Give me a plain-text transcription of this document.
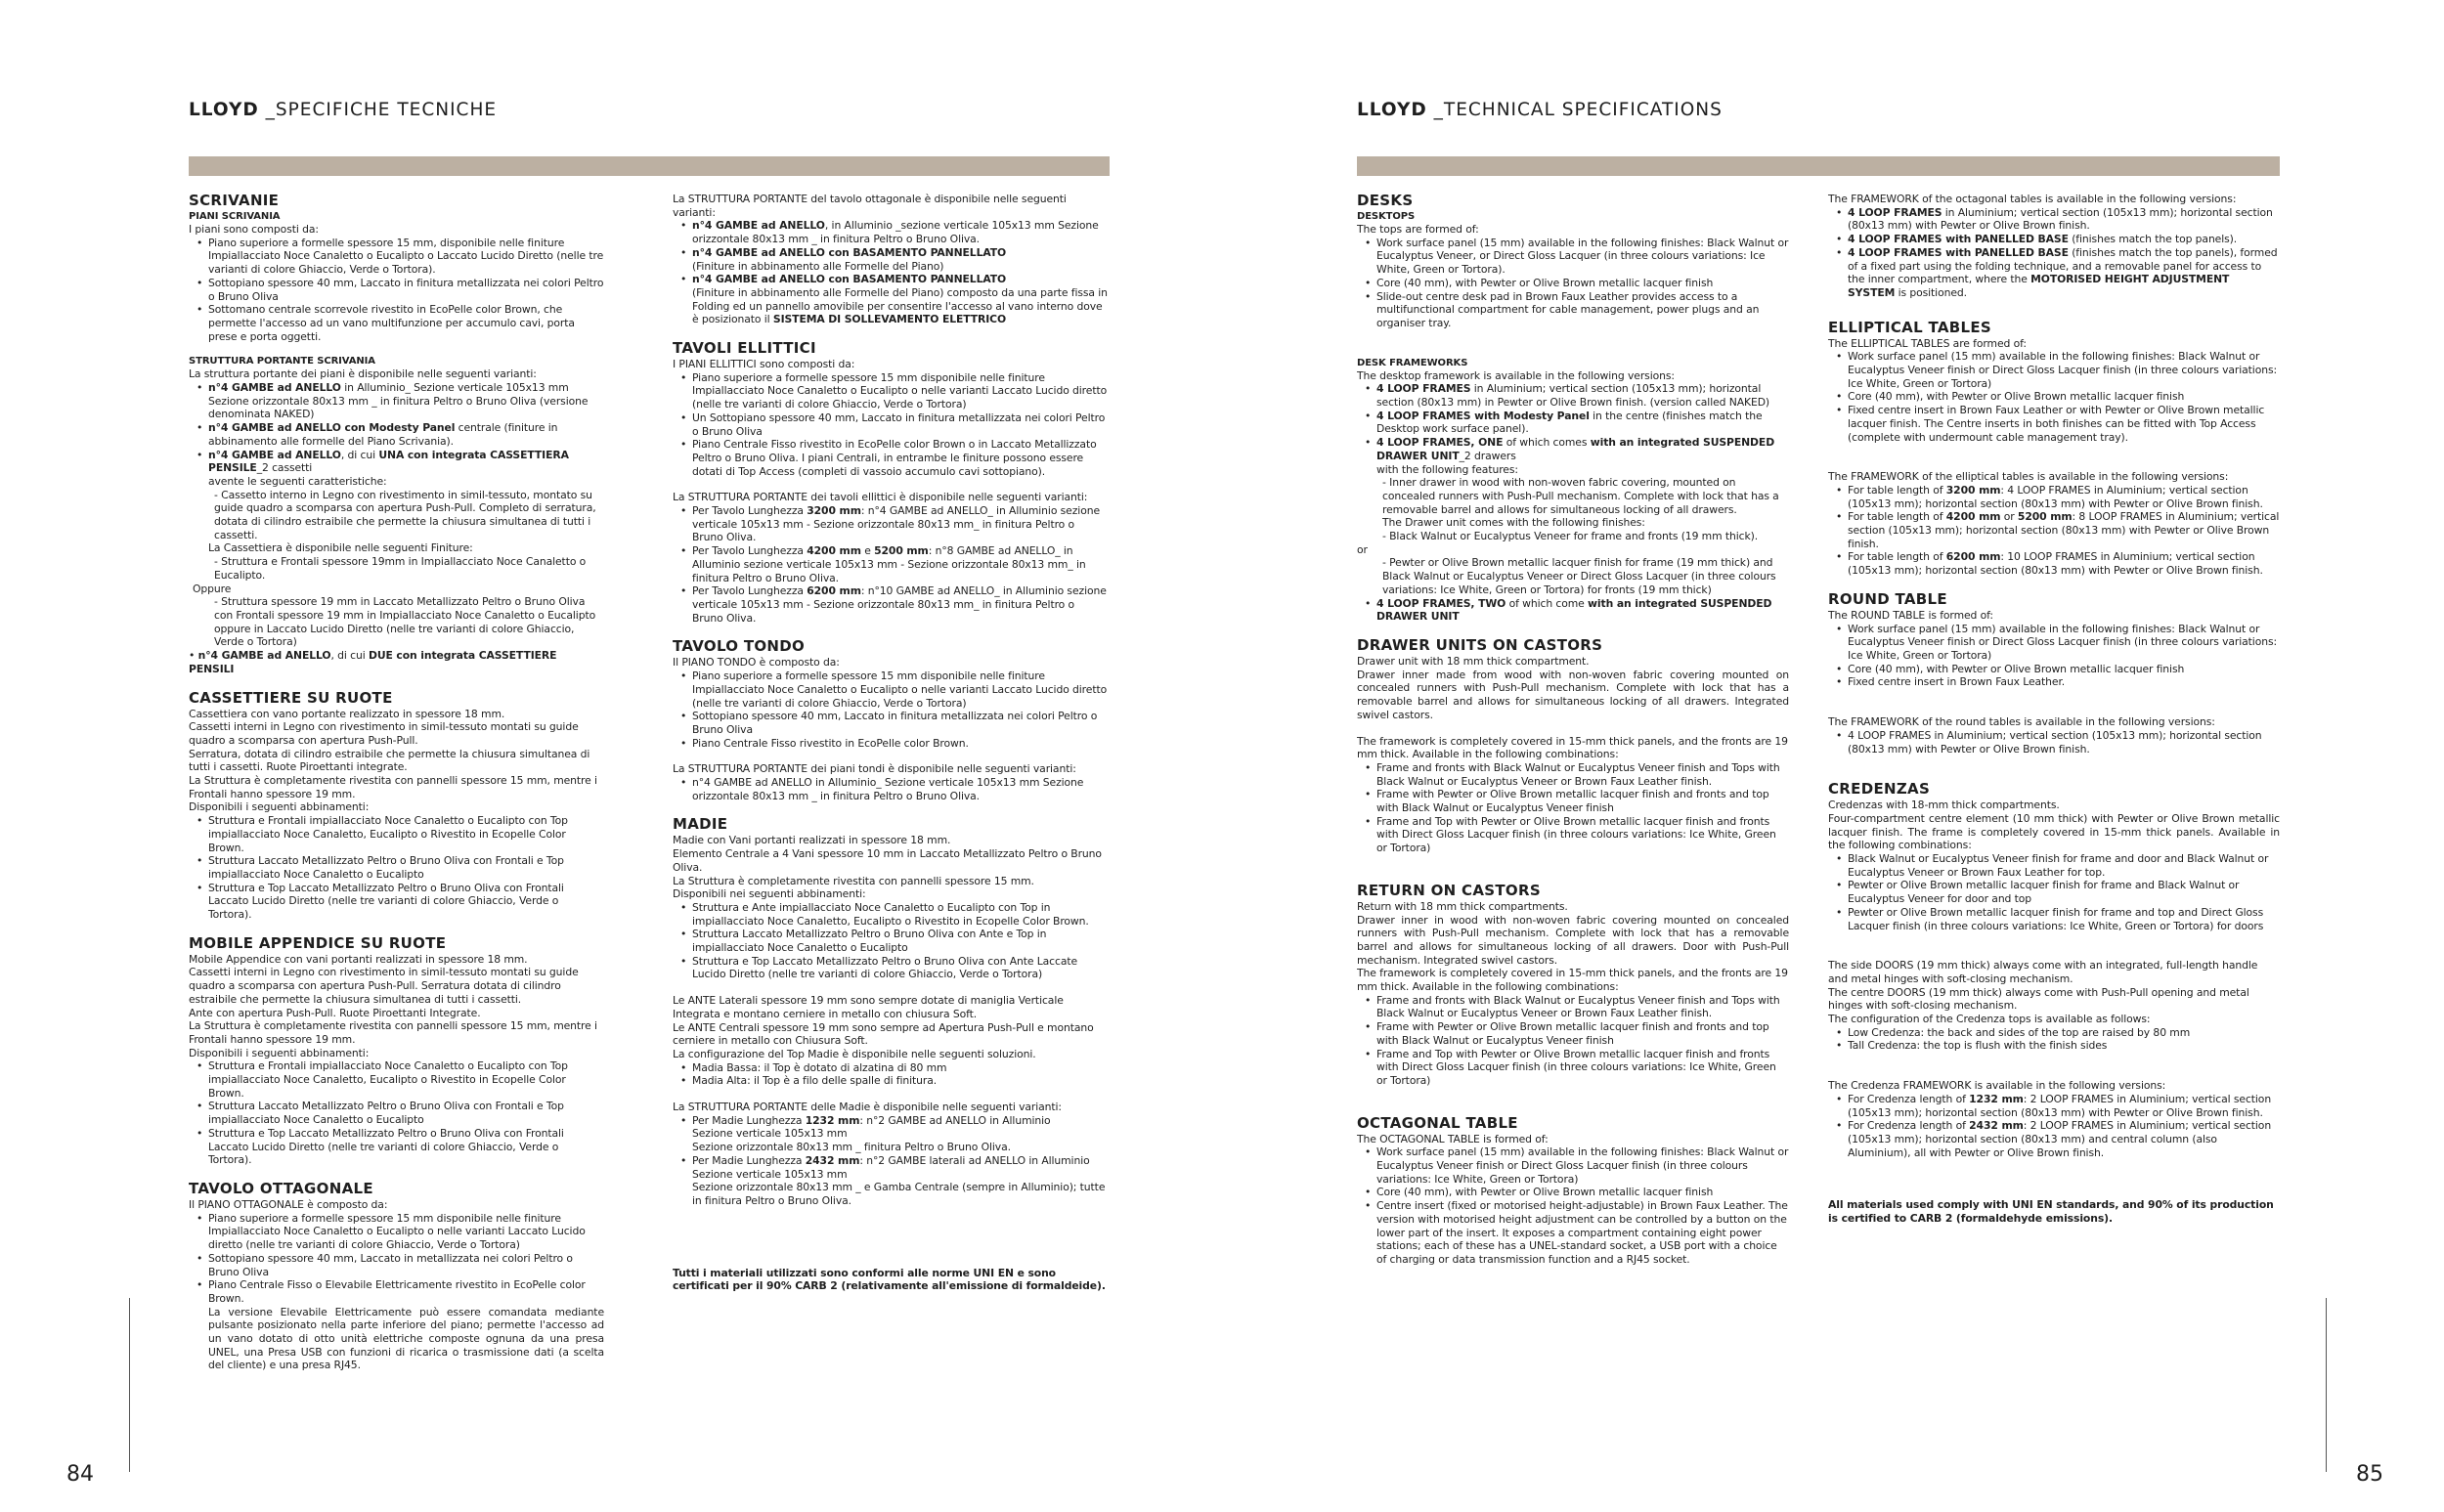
LLOYD _SPECIFICHE TECNICHE
SCRIVANIE
PIANI SCRIVANIA

I piani sono composti da:

• Piano superiore a formelle spessore 15 mm, disponibile nelle finiture Impiallacciato Noce Canaletto o Eucalipto o Laccato Lucido Diretto (nelle tre varianti di colore Ghiaccio, Verde o Tortora).
• Sottopiano spessore 40 mm, Laccato in finitura metallizzata nei colori Peltro o Bruno Oliva
• Sottomano centrale scorrevole rivestito in EcoPelle color Brown, che permette l'accesso ad un vano multifunzione per accumulo cavi, porta prese e porta oggetti.
STRUTTURA PORTANTE SCRIVANIA

La struttura portante dei piani è disponibile nelle seguenti varianti:

• n°4 GAMBE ad ANELLO in Alluminio_ Sezione verticale 105x13 mm Sezione orizzontale 80x13 mm _ in finitura Peltro o Bruno Oliva (versione denominata NAKED)
• n°4 GAMBE ad ANELLO con Modesty Panel centrale (finiture in abbinamento alle formelle del Piano Scrivania).
• n°4 GAMBE ad ANELLO, di cui UNA con integrata CASSETTIERA PENSILE_2 cassetti

avente le seguenti caratteristiche:

- Cassetto interno in Legno con rivestimento in simil-tessuto, montato su guide quadro a scomparsa con apertura Push-Pull. Completo di serratura, dotata di cilindro estraibile che permette la chiusura simultanea di tutti i cassetti.

La Cassettiera è disponibile nelle seguenti Finiture:

- Struttura e Frontali spessore 19mm in Impiallacciato Noce Canaletto o Eucalipto.

Oppure

- Struttura spessore 19 mm in Laccato Metallizzato Peltro o Bruno Oliva con Frontali spessore 19 mm in Impiallacciato Noce Canaletto o Eucalipto oppure in Laccato Lucido Diretto (nelle tre varianti di colore Ghiaccio, Verde o Tortora)

• n°4 GAMBE ad ANELLO, di cui DUE con integrata CASSETTIERE PENSILI

CASSETTIERE SU RUOTE

Cassettiera con vano portante realizzato in spessore 18 mm.

Cassetti interni in Legno con rivestimento in simil-tessuto montati su guide quadro a scomparsa con apertura Push-Pull.

Serratura, dotata di cilindro estraibile che permette la chiusura simultanea di tutti i cassetti. Ruote Piroettanti integrate.

La Struttura è completamente rivestita con pannelli spessore 15 mm, mentre i Frontali hanno spessore 19 mm.

Disponibili i seguenti abbinamenti:

• Struttura e Frontali impiallacciato Noce Canaletto o Eucalipto con Top impiallacciato Noce Canaletto, Eucalipto o Rivestito in Ecopelle Color Brown.
• Struttura Laccato Metallizzato Peltro o Bruno Oliva con Frontali e Top impiallacciato Noce Canaletto o Eucalipto
• Struttura e Top Laccato Metallizzato Peltro o Bruno Oliva con Frontali Laccato Lucido Diretto (nelle tre varianti di colore Ghiaccio, Verde o Tortora).
MOBILE APPENDICE SU RUOTE

Mobile Appendice con vani portanti realizzati in spessore 18 mm.

Cassetti interni in Legno con rivestimento in simil-tessuto montati su guide quadro a scomparsa con apertura Push-Pull. Serratura dotata di cilindro estraibile che permette la chiusura simultanea di tutti i cassetti.

Ante con apertura Push-Pull. Ruote Piroettanti Integrate.

La Struttura è completamente rivestita con pannelli spessore 15 mm, mentre i Frontali hanno spessore 19 mm.

Disponibili i seguenti abbinamenti:

• Struttura e Frontali impiallacciato Noce Canaletto o Eucalipto con Top impiallacciato Noce Canaletto, Eucalipto o Rivestito in Ecopelle Color Brown.
• Struttura Laccato Metallizzato Peltro o Bruno Oliva con Frontali e Top impiallacciato Noce Canaletto o Eucalipto
• Struttura e Top Laccato Metallizzato Peltro o Bruno Oliva con Frontali Laccato Lucido Diretto (nelle tre varianti di colore Ghiaccio, Verde o Tortora).
TAVOLO OTTAGONALE

Il PIANO OTTAGONALE è composto da:

• Piano superiore a formelle spessore 15 mm disponibile nelle finiture Impiallacciato Noce Canaletto o Eucalipto o nelle varianti Laccato Lucido diretto (nelle tre varianti di colore Ghiaccio, Verde o Tortora)
• Sottopiano spessore 40 mm, Laccato in metallizzata nei colori Peltro o Bruno Oliva
• Piano Centrale Fisso o Elevabile Elettricamente rivestito in EcoPelle color Brown.

La versione Elevabile Elettricamente può essere comandata mediante pulsante posizionato nella parte inferiore del piano; permette l'accesso ad un vano dotato di otto unità elettriche composte ognuna da una presa UNEL, una Presa USB con funzioni di ricarica o trasmissione dati (a scelta del cliente) e una presa RJ45.

La STRUTTURA PORTANTE del tavolo ottagonale è disponibile nelle seguenti varianti:

• n°4 GAMBE ad ANELLO, in Alluminio _sezione verticale 105x13 mm Sezione orizzontale 80x13 mm _ in finitura Peltro o Bruno Oliva.
• n°4 GAMBE ad ANELLO con BASAMENTO PANNELLATO
(Finiture in abbinamento alle Formelle del Piano)
• n°4 GAMBE ad ANELLO con BASAMENTO PANNELLATO
(Finiture in abbinamento alle Formelle del Piano) composto da una parte fissa in Folding ed un pannello amovibile per consentire l'accesso al vano interno dove è posizionato il SISTEMA DI SOLLEVAMENTO ELETTRICO
TAVOLI ELLITTICI

I PIANI ELLITTICI sono composti da:

• Piano superiore a formelle spessore 15 mm disponibile nelle finiture Impiallacciato Noce Canaletto o Eucalipto o nelle varianti Laccato Lucido diretto (nelle tre varianti di colore Ghiaccio, Verde o Tortora)
• Un Sottopiano spessore 40 mm, Laccato in finitura metallizzata nei colori Peltro o Bruno Oliva
• Piano Centrale Fisso rivestito in EcoPelle color Brown o in Laccato Metallizzato Peltro o Bruno Oliva. I piani Centrali, in entrambe le finiture possono essere dotati di Top Access (completi di vassoio accumulo cavi sottopiano).

La STRUTTURA PORTANTE dei tavoli ellittici è disponibile nelle seguenti varianti:

• Per Tavolo Lunghezza 3200 mm: n°4 GAMBE ad ANELLO_ in Alluminio sezione verticale 105x13 mm - Sezione orizzontale 80x13 mm_ in finitura Peltro o Bruno Oliva.
• Per Tavolo Lunghezza 4200 mm e 5200 mm: n°8 GAMBE ad ANELLO_ in Alluminio sezione verticale 105x13 mm - Sezione orizzontale 80x13 mm_ in finitura Peltro o Bruno Oliva.
• Per Tavolo Lunghezza 6200 mm: n°10 GAMBE ad ANELLO_ in Alluminio sezione verticale 105x13 mm - Sezione orizzontale 80x13 mm_ in finitura Peltro o Bruno Oliva.
TAVOLO TONDO

Il PIANO TONDO è composto da:

• Piano superiore a formelle spessore 15 mm disponibile nelle finiture Impiallacciato Noce Canaletto o Eucalipto o nelle varianti Laccato Lucido diretto (nelle tre varianti di colore Ghiaccio, Verde o Tortora)
• Sottopiano spessore 40 mm, Laccato in finitura metallizzata nei colori Peltro o Bruno Oliva
• Piano Centrale Fisso rivestito in EcoPelle color Brown.

La STRUTTURA PORTANTE dei piani tondi è disponibile nelle seguenti varianti:

• n°4 GAMBE ad ANELLO in Alluminio_ Sezione verticale 105x13 mm Sezione orizzontale 80x13 mm _ in finitura Peltro o Bruno Oliva.
MADIE

Madie con Vani portanti realizzati in spessore 18 mm.

Elemento Centrale a 4 Vani spessore 10 mm in Laccato Metallizzato Peltro o Bruno Oliva.

La Struttura è completamente rivestita con pannelli spessore 15 mm.

Disponibili nei seguenti abbinamenti:

• Struttura e Ante impiallacciato Noce Canaletto o Eucalipto con Top in impiallacciato Noce Canaletto, Eucalipto o Rivestito in Ecopelle Color Brown.
• Struttura Laccato Metallizzato Peltro o Bruno Oliva con Ante e Top in impiallacciato Noce Canaletto o Eucalipto
• Struttura e Top Laccato Metallizzato Peltro o Bruno Oliva con Ante Laccate Lucido Diretto (nelle tre varianti di colore Ghiaccio, Verde o Tortora)

Le ANTE Laterali spessore 19 mm sono sempre dotate di maniglia Verticale Integrata e montano cerniere in metallo con chiusura Soft.

Le ANTE Centrali spessore 19 mm sono sempre ad Apertura Push-Pull e montano cerniere in metallo con Chiusura Soft.

La configurazione del Top Madie è disponibile nelle seguenti soluzioni.

• Madia Bassa: il Top è dotato di alzatina di 80 mm
• Madia Alta: il Top è a filo delle spalle di finitura.

La STRUTTURA PORTANTE delle Madie è disponibile nelle seguenti varianti:

• Per Madie Lunghezza 1232 mm: n°2 GAMBE ad ANELLO in Alluminio

Sezione verticale 105x13 mm

Sezione orizzontale 80x13 mm _ finitura Peltro o Bruno Oliva.

• Per Madie Lunghezza 2432 mm: n°2 GAMBE laterali ad ANELLO in Alluminio

Sezione verticale 105x13 mm

Sezione orizzontale 80x13 mm _ e Gamba Centrale (sempre in Alluminio); tutte in finitura Peltro o Bruno Oliva.

Tutti i materiali utilizzati sono conformi alle norme UNI EN e sono certificati per il 90% CARB 2 (relativamente all'emissione di formaldeide).

84
LLOYD _TECHNICAL SPECIFICATIONS
DESKS
DESKTOPS

The tops are formed of:

• Work surface panel (15 mm) available in the following finishes: Black Walnut or Eucalyptus Veneer, or Direct Gloss Lacquer (in three colours variations: Ice White, Green or Tortora).
• Core (40 mm), with Pewter or Olive Brown metallic lacquer finish
• Slide-out centre desk pad in Brown Faux Leather provides access to a multifunctional compartment for cable management, power plugs and an organiser tray.
DESK FRAMEWORKS

The desktop framework is available in the following versions:

• 4 LOOP FRAMES in Aluminium; vertical section (105x13 mm); horizontal section (80x13 mm) in Pewter or Olive Brown finish. (version called NAKED)
• 4 LOOP FRAMES with Modesty Panel in the centre (finishes match the Desktop work surface panel).
• 4 LOOP FRAMES, ONE of which comes with an integrated SUSPENDED DRAWER UNIT_2 drawers

with the following features:

- Inner drawer in wood with non-woven fabric covering, mounted on concealed runners with Push-Pull mechanism. Complete with lock that has a removable barrel and allows for simultaneous locking of all drawers.

The Drawer unit comes with the following finishes:

- Black Walnut or Eucalyptus Veneer for frame and fronts (19 mm thick).

or

- Pewter or Olive Brown metallic lacquer finish for frame (19 mm thick) and Black Walnut or Eucalyptus Veneer or Direct Gloss Lacquer (in three colours variations: Ice White, Green or Tortora) for fronts (19 mm thick)

• 4 LOOP FRAMES, TWO of which come with an integrated SUSPENDED DRAWER UNIT
DRAWER UNITS ON CASTORS

Drawer unit with 18 mm thick compartment.

Drawer inner made from wood with non-woven fabric covering mounted on concealed runners with Push-Pull mechanism. Complete with lock that has a removable barrel and allows for simultaneous locking of all drawers. Integrated swivel castors.

The framework is completely covered in 15-mm thick panels, and the fronts are 19 mm thick. Available in the following combinations:

• Frame and fronts with Black Walnut or Eucalyptus Veneer finish and Tops with Black Walnut or Eucalyptus Veneer or Brown Faux Leather finish.
• Frame with Pewter or Olive Brown metallic lacquer finish and fronts and top with Black Walnut or Eucalyptus Veneer finish
• Frame and Top with Pewter or Olive Brown metallic lacquer finish and fronts with Direct Gloss Lacquer finish (in three colours variations: Ice White, Green or Tortora)
RETURN ON CASTORS

Return with 18 mm thick compartments.

Drawer inner in wood with non-woven fabric covering mounted on concealed runners with Push-Pull mechanism. Complete with lock that has a removable barrel and allows for simultaneous locking of all drawers. Door with Push-Pull mechanism. Integrated swivel castors.

The framework is completely covered in 15-mm thick panels, and the fronts are 19 mm thick. Available in the following combinations:

• Frame and fronts with Black Walnut or Eucalyptus Veneer finish and Tops with Black Walnut or Eucalyptus Veneer or Brown Faux Leather finish.
• Frame with Pewter or Olive Brown metallic lacquer finish and fronts and top with Black Walnut or Eucalyptus Veneer finish
• Frame and Top with Pewter or Olive Brown metallic lacquer finish and fronts with Direct Gloss Lacquer finish (in three colours variations: Ice White, Green or Tortora)
OCTAGONAL TABLE

The OCTAGONAL TABLE is formed of:

• Work surface panel (15 mm) available in the following finishes: Black Walnut or Eucalyptus Veneer finish or Direct Gloss Lacquer finish (in three colours variations: Ice White, Green or Tortora)
• Core (40 mm), with Pewter or Olive Brown metallic lacquer finish
• Centre insert (fixed or motorised height-adjustable) in Brown Faux Leather. The version with motorised height adjustment can be controlled by a button on the lower part of the insert. It exposes a compartment containing eight power stations; each of these has a UNEL-standard socket, a USB port with a choice of charging or data transmission function and a RJ45 socket.

The FRAMEWORK of the octagonal tables is available in the following versions:

• 4 LOOP FRAMES in Aluminium; vertical section (105x13 mm); horizontal section (80x13 mm) with Pewter or Olive Brown finish.
• 4 LOOP FRAMES with PANELLED BASE (finishes match the top panels).
• 4 LOOP FRAMES with PANELLED BASE (finishes match the top panels), formed of a fixed part using the folding technique, and a removable panel for access to the inner compartment, where the MOTORISED HEIGHT ADJUSTMENT SYSTEM is positioned.
ELLIPTICAL TABLES

The ELLIPTICAL TABLES are formed of:

• Work surface panel (15 mm) available in the following finishes: Black Walnut or Eucalyptus Veneer finish or Direct Gloss Lacquer finish (in three colours variations: Ice White, Green or Tortora)
• Core (40 mm), with Pewter or Olive Brown metallic lacquer finish
• Fixed centre insert in Brown Faux Leather or with Pewter or Olive Brown metallic lacquer finish. The Centre inserts in both finishes can be fitted with Top Access (complete with undermount cable management tray).

The FRAMEWORK of the elliptical tables is available in the following versions:

• For table length of 3200 mm: 4 LOOP FRAMES in Aluminium; vertical section (105x13 mm); horizontal section (80x13 mm) with Pewter or Olive Brown finish.
• For table length of 4200 mm or 5200 mm: 8 LOOP FRAMES in Aluminium; vertical section (105x13 mm); horizontal section (80x13 mm) with Pewter or Olive Brown finish.
• For table length of 6200 mm: 10 LOOP FRAMES in Aluminium; vertical section (105x13 mm); horizontal section (80x13 mm) with Pewter or Olive Brown finish.
ROUND TABLE

The ROUND TABLE is formed of:

• Work surface panel (15 mm) available in the following finishes: Black Walnut or Eucalyptus Veneer finish or Direct Gloss Lacquer finish (in three colours variations: Ice White, Green or Tortora)
• Core (40 mm), with Pewter or Olive Brown metallic lacquer finish
• Fixed centre insert in Brown Faux Leather.

The FRAMEWORK of the round tables is available in the following versions:

• 4 LOOP FRAMES in Aluminium; vertical section (105x13 mm); horizontal section (80x13 mm) with Pewter or Olive Brown finish.
CREDENZAS

Credenzas with 18-mm thick compartments.

Four-compartment centre element (10 mm thick) with Pewter or Olive Brown metallic lacquer finish. The frame is completely covered in 15-mm thick panels. Available in the following combinations:

• Black Walnut or Eucalyptus Veneer finish for frame and door and Black Walnut or Eucalyptus Veneer or Brown Faux Leather for top.
• Pewter or Olive Brown metallic lacquer finish for frame and Black Walnut or Eucalyptus Veneer for door and top
• Pewter or Olive Brown metallic lacquer finish for frame and top and Direct Gloss Lacquer finish (in three colours variations: Ice White, Green or Tortora) for doors

The side DOORS (19 mm thick) always come with an integrated, full-length handle and metal hinges with soft-closing mechanism.

The centre DOORS (19 mm thick) always come with Push-Pull opening and metal hinges with soft-closing mechanism.

The configuration of the Credenza tops is available as follows:

• Low Credenza: the back and sides of the top are raised by 80 mm
• Tall Credenza: the top is flush with the finish sides

The Credenza FRAMEWORK is available in the following versions:

• For Credenza length of 1232 mm: 2 LOOP FRAMES in Aluminium; vertical section (105x13 mm); horizontal section (80x13 mm) with Pewter or Olive Brown finish.
• For Credenza length of 2432 mm: 2 LOOP FRAMES in Aluminium; vertical section (105x13 mm); horizontal section (80x13 mm) and central column (also Aluminium), all with Pewter or Olive Brown finish.

All materials used comply with UNI EN standards, and 90% of its production is certified to CARB 2 (formaldehyde emissions).

85
